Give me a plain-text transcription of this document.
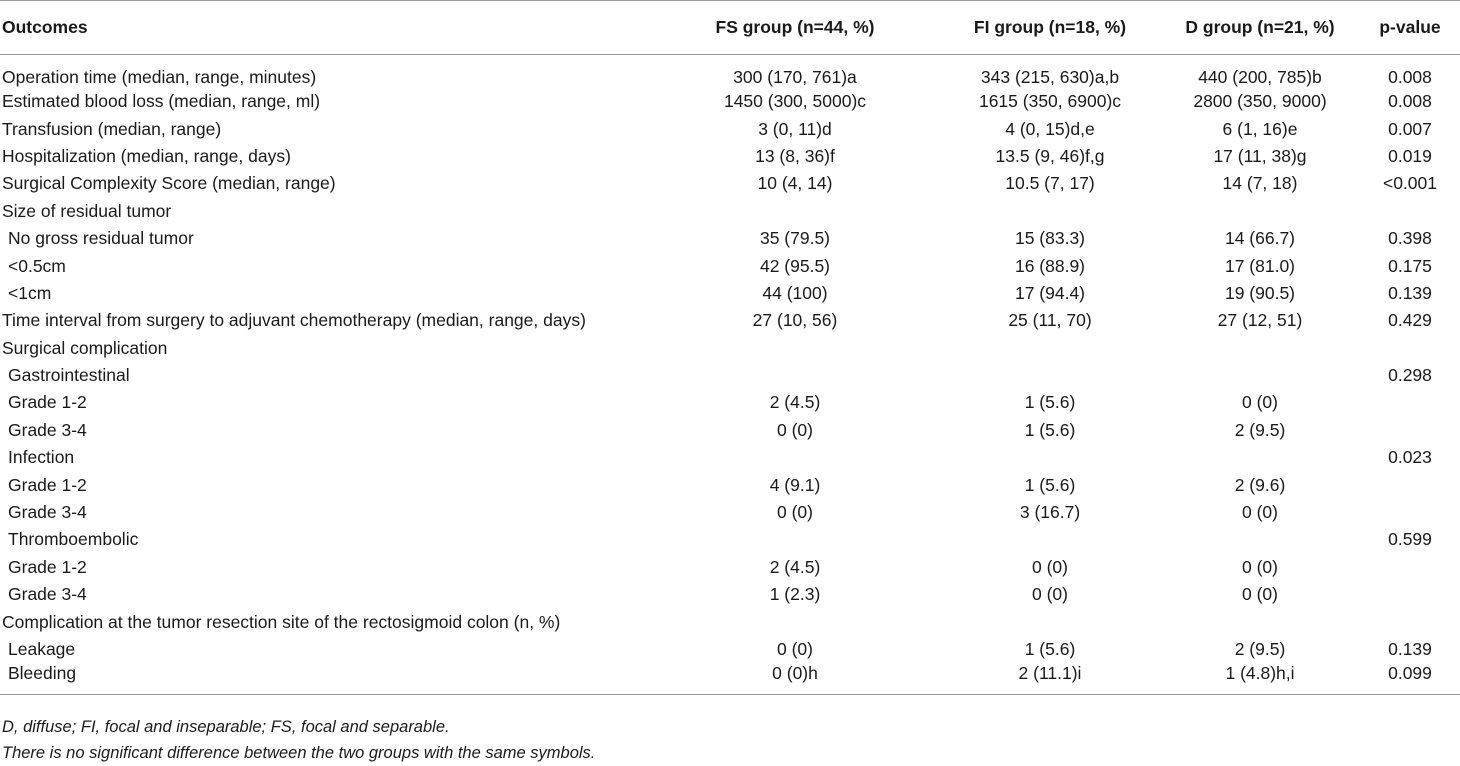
Outcomes	FS group (n=44, %)	FI group (n=18, %)	D group (n=21, %)	p-value
Operation time (median, range, minutes)	300 (170, 761)a	343 (215, 630)a,b	440 (200, 785)b	0.008
Estimated blood loss (median, range, ml)	1450 (300, 5000)c	1615 (350, 6900)c	2800 (350, 9000)	0.008
Transfusion (median, range)	3 (0, 11)d	4 (0, 15)d,e	6 (1, 16)e	0.007
Hospitalization (median, range, days)	13 (8, 36)f	13.5 (9, 46)f,g	17 (11, 38)g	0.019
Surgical Complexity Score (median, range)	10 (4, 14)	10.5 (7, 17)	14 (7, 18)	<0.001
Size of residual tumor				
No gross residual tumor	35 (79.5)	15 (83.3)	14 (66.7)	0.398
<0.5cm	42 (95.5)	16 (88.9)	17 (81.0)	0.175
<1cm	44 (100)	17 (94.4)	19 (90.5)	0.139
Time interval from surgery to adjuvant chemotherapy (median, range, days)	27 (10, 56)	25 (11, 70)	27 (12, 51)	0.429
Surgical complication				
Gastrointestinal				0.298
Grade 1-2	2 (4.5)	1 (5.6)	0 (0)	
Grade 3-4	0 (0)	1 (5.6)	2 (9.5)	
Infection				0.023
Grade 1-2	4 (9.1)	1 (5.6)	2 (9.6)	
Grade 3-4	0 (0)	3 (16.7)	0 (0)	
Thromboembolic				0.599
Grade 1-2	2 (4.5)	0 (0)	0 (0)	
Grade 3-4	1 (2.3)	0 (0)	0 (0)	
Complication at the tumor resection site of the rectosigmoid colon (n, %)				
Leakage	0 (0)	1 (5.6)	2 (9.5)	0.139
Bleeding	0 (0)h	2 (11.1)i	1 (4.8)h,i	0.099
D, diffuse; FI, focal and inseparable; FS, focal and separable.
There is no significant difference between the two groups with the same symbols.
